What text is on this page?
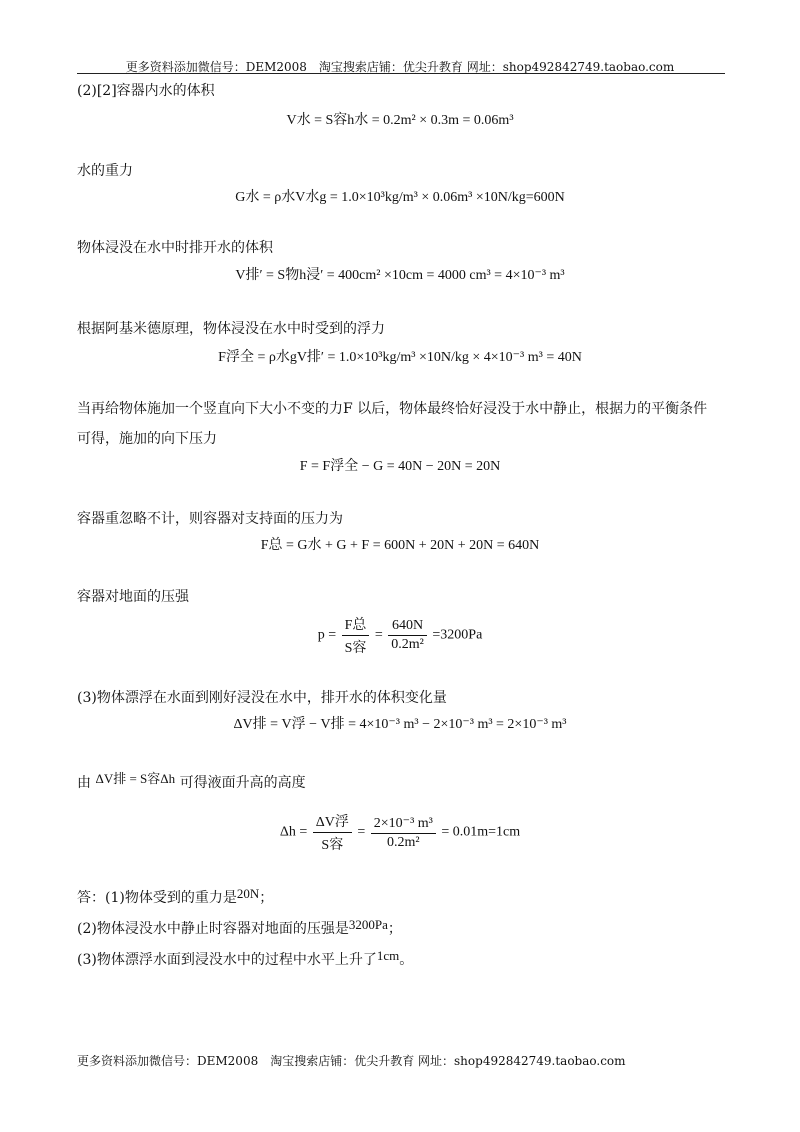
更多资料添加微信号：DEM2008　淘宝搜索店铺：优尖升教育 网址：shop492842749.taobao.com
(2)[2]容器内水的体积
V水 = S容h水 = 0.2m² × 0.3m = 0.06m³
水的重力
G水 = ρ水V水g = 1.0×10³kg/m³ × 0.06m³ ×10N/kg=600N
物体浸没在水中时排开水的体积
V排′ = S物h浸′ = 400cm² ×10cm = 4000 cm³ = 4×10⁻³ m³
根据阿基米德原理，物体浸没在水中时受到的浮力
F浮全 = ρ水gV排′ = 1.0×10³kg/m³ ×10N/kg × 4×10⁻³ m³ = 40N
当再给物体施加一个竖直向下大小不变的力F 以后，物体最终恰好浸没于水中静止，根据力的平衡条件
可得，施加的向下压力
F = F浮全 − G = 40N − 20N = 20N
容器重忽略不计，则容器对支持面的压力为
F总 = G水 + G + F = 600N + 20N + 20N = 640N
容器对地面的压强
p =
F总
S容
= $\frac{640N}{\text{0.2m²}} =3200Pa$
(3)物体漂浮在水面到刚好浸没在水中，排开水的体积变化量
ΔV排 = V浮 − V排 = 4×10⁻³ m³ − 2×10⁻³ m³ = 2×10⁻³ m³
由 ΔV排 = S容Δh 可得液面升高的高度
Δh =
ΔV浮
S容
= $\frac{\text{2×10⁻³ m³}}{\text{0.2m²}} = 0.01m=1cm$
答：(1)物体受到的重力是20N；
(2)物体浸没水中静止时容器对地面的压强是3200Pa；
(3)物体漂浮水面到浸没水中的过程中水平上升了1cm。
更多资料添加微信号：DEM2008　淘宝搜索店铺：优尖升教育 网址：shop492842749.taobao.com
